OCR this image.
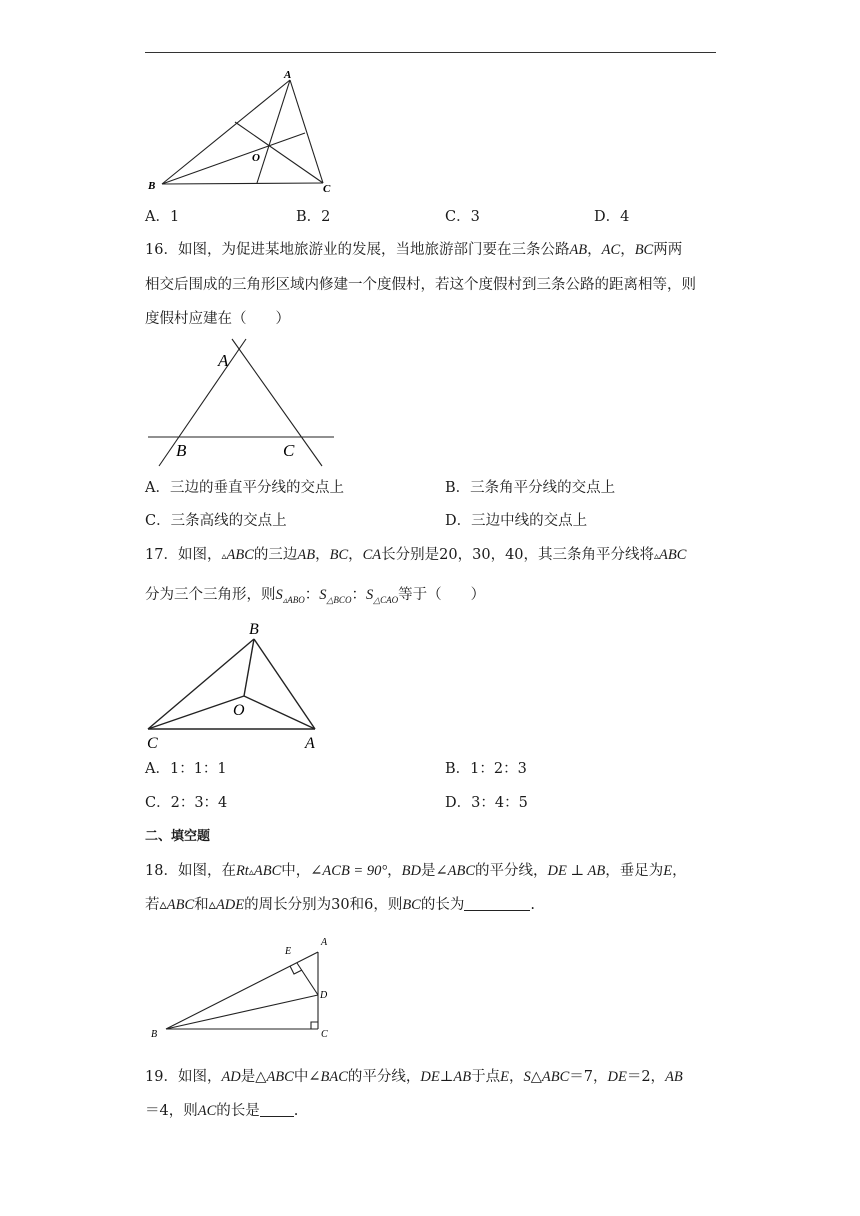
A
B	C
O
A．1	B．2	C．3	D．4
16．如图，为促进某地旅游业的发展，当地旅游部门要在三条公路AB，AC，BC两两
相交后围成的三角形区域内修建一个度假村，若这个度假村到三条公路的距离相等，则
度假村应建在（　　）
A
B	C
A．三边的垂直平分线的交点上	B．三条角平分线的交点上
C．三条高线的交点上	D．三边中线的交点上
17．如图，▵ABC的三边AB，BC，CA长分别是20，30，40，其三条角平分线将▵ABC
分为三个三角形，则$S_{▵ABO}$：$S_{\triangle BCO}$：$S_{\triangle CAO}$等于（　　）
B
C	A
O
A．1：1：1	B．1：2：3
C．2：3：4	D．3：4：5
二、填空题
18．如图，在Rt▵ABC中，∠ACB = 90°，BD是∠ABC的平分线，DE ⊥ AB，垂足为E，
若▵ABC和▵ADE的周长分别为30和6，则BC的长为	.
A
E
D
B	C
19．如图，AD是△ABC中∠BAC的平分线，DE⊥AB于点E，S△ABC＝7，DE＝2，AB
＝4，则AC的长是 .
